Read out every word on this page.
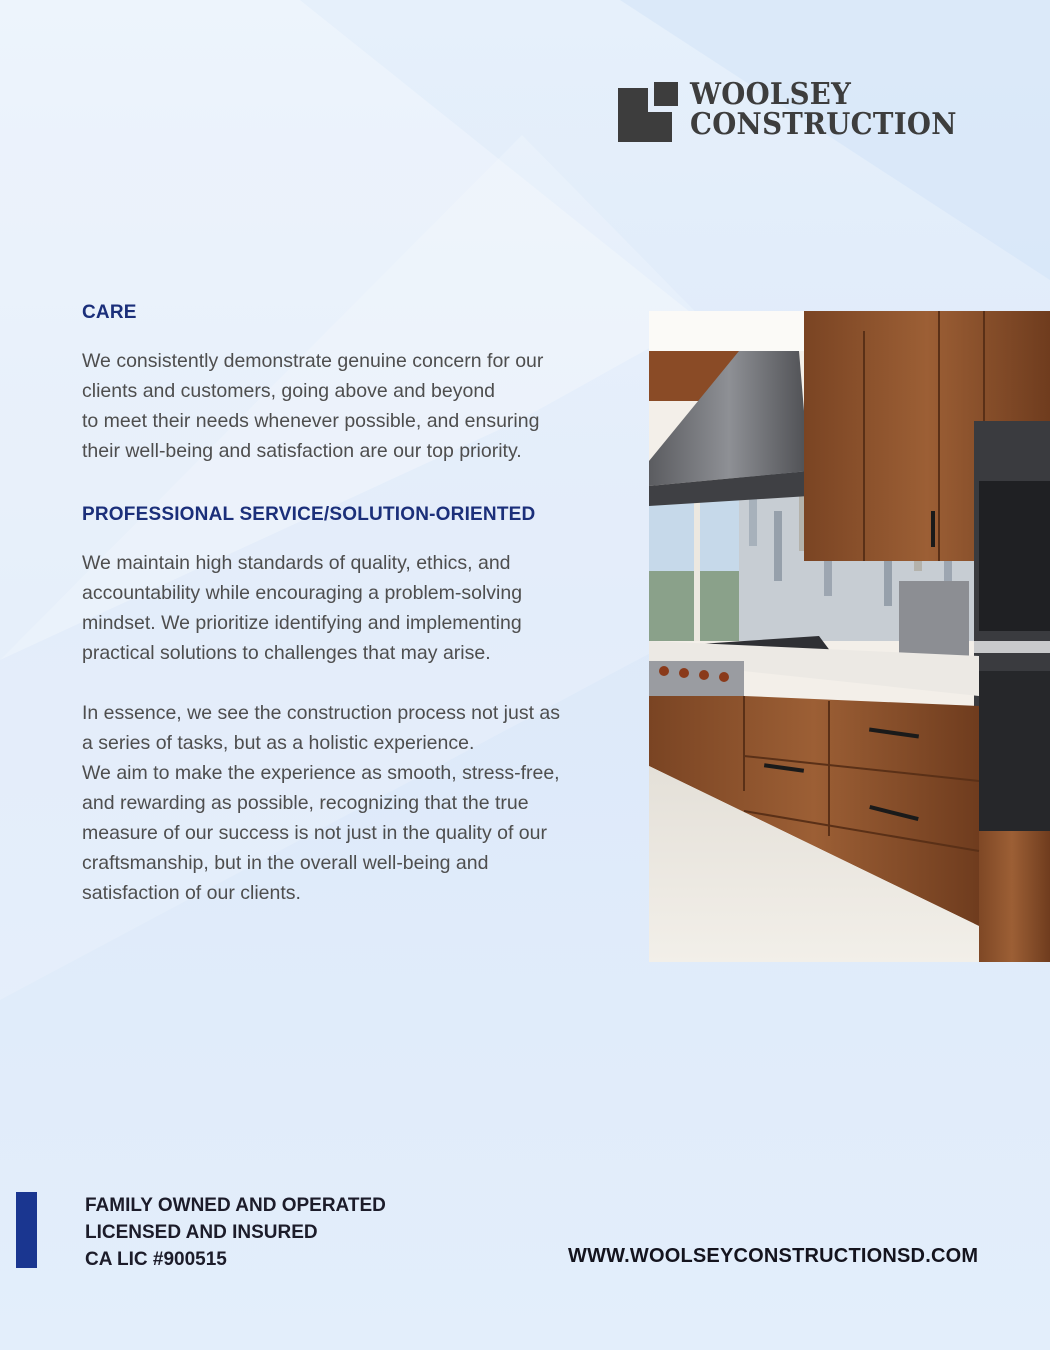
WOOLSEY
CONSTRUCTION
CARE

We consistently demonstrate genuine concern for our
clients and customers, going above and beyond
to meet their needs whenever possible, and ensuring
their well-being and satisfaction are our top priority.

PROFESSIONAL SERVICE/SOLUTION-ORIENTED

We maintain high standards of quality, ethics, and
accountability while encouraging a problem-solving
mindset. We prioritize identifying and implementing
practical solutions to challenges that may arise.

In essence, we see the construction process not just as
a series of tasks, but as a holistic experience.
We aim to make the experience as smooth, stress-free,
and rewarding as possible, recognizing that the true
measure of our success is not just in the quality of our
craftsmanship, but in the overall well-being and
satisfaction of our clients.

FAMILY OWNED AND OPERATED
LICENSED AND INSURED
CA LIC #900515	WWW.WOOLSEYCONSTRUCTIONSD.COM
